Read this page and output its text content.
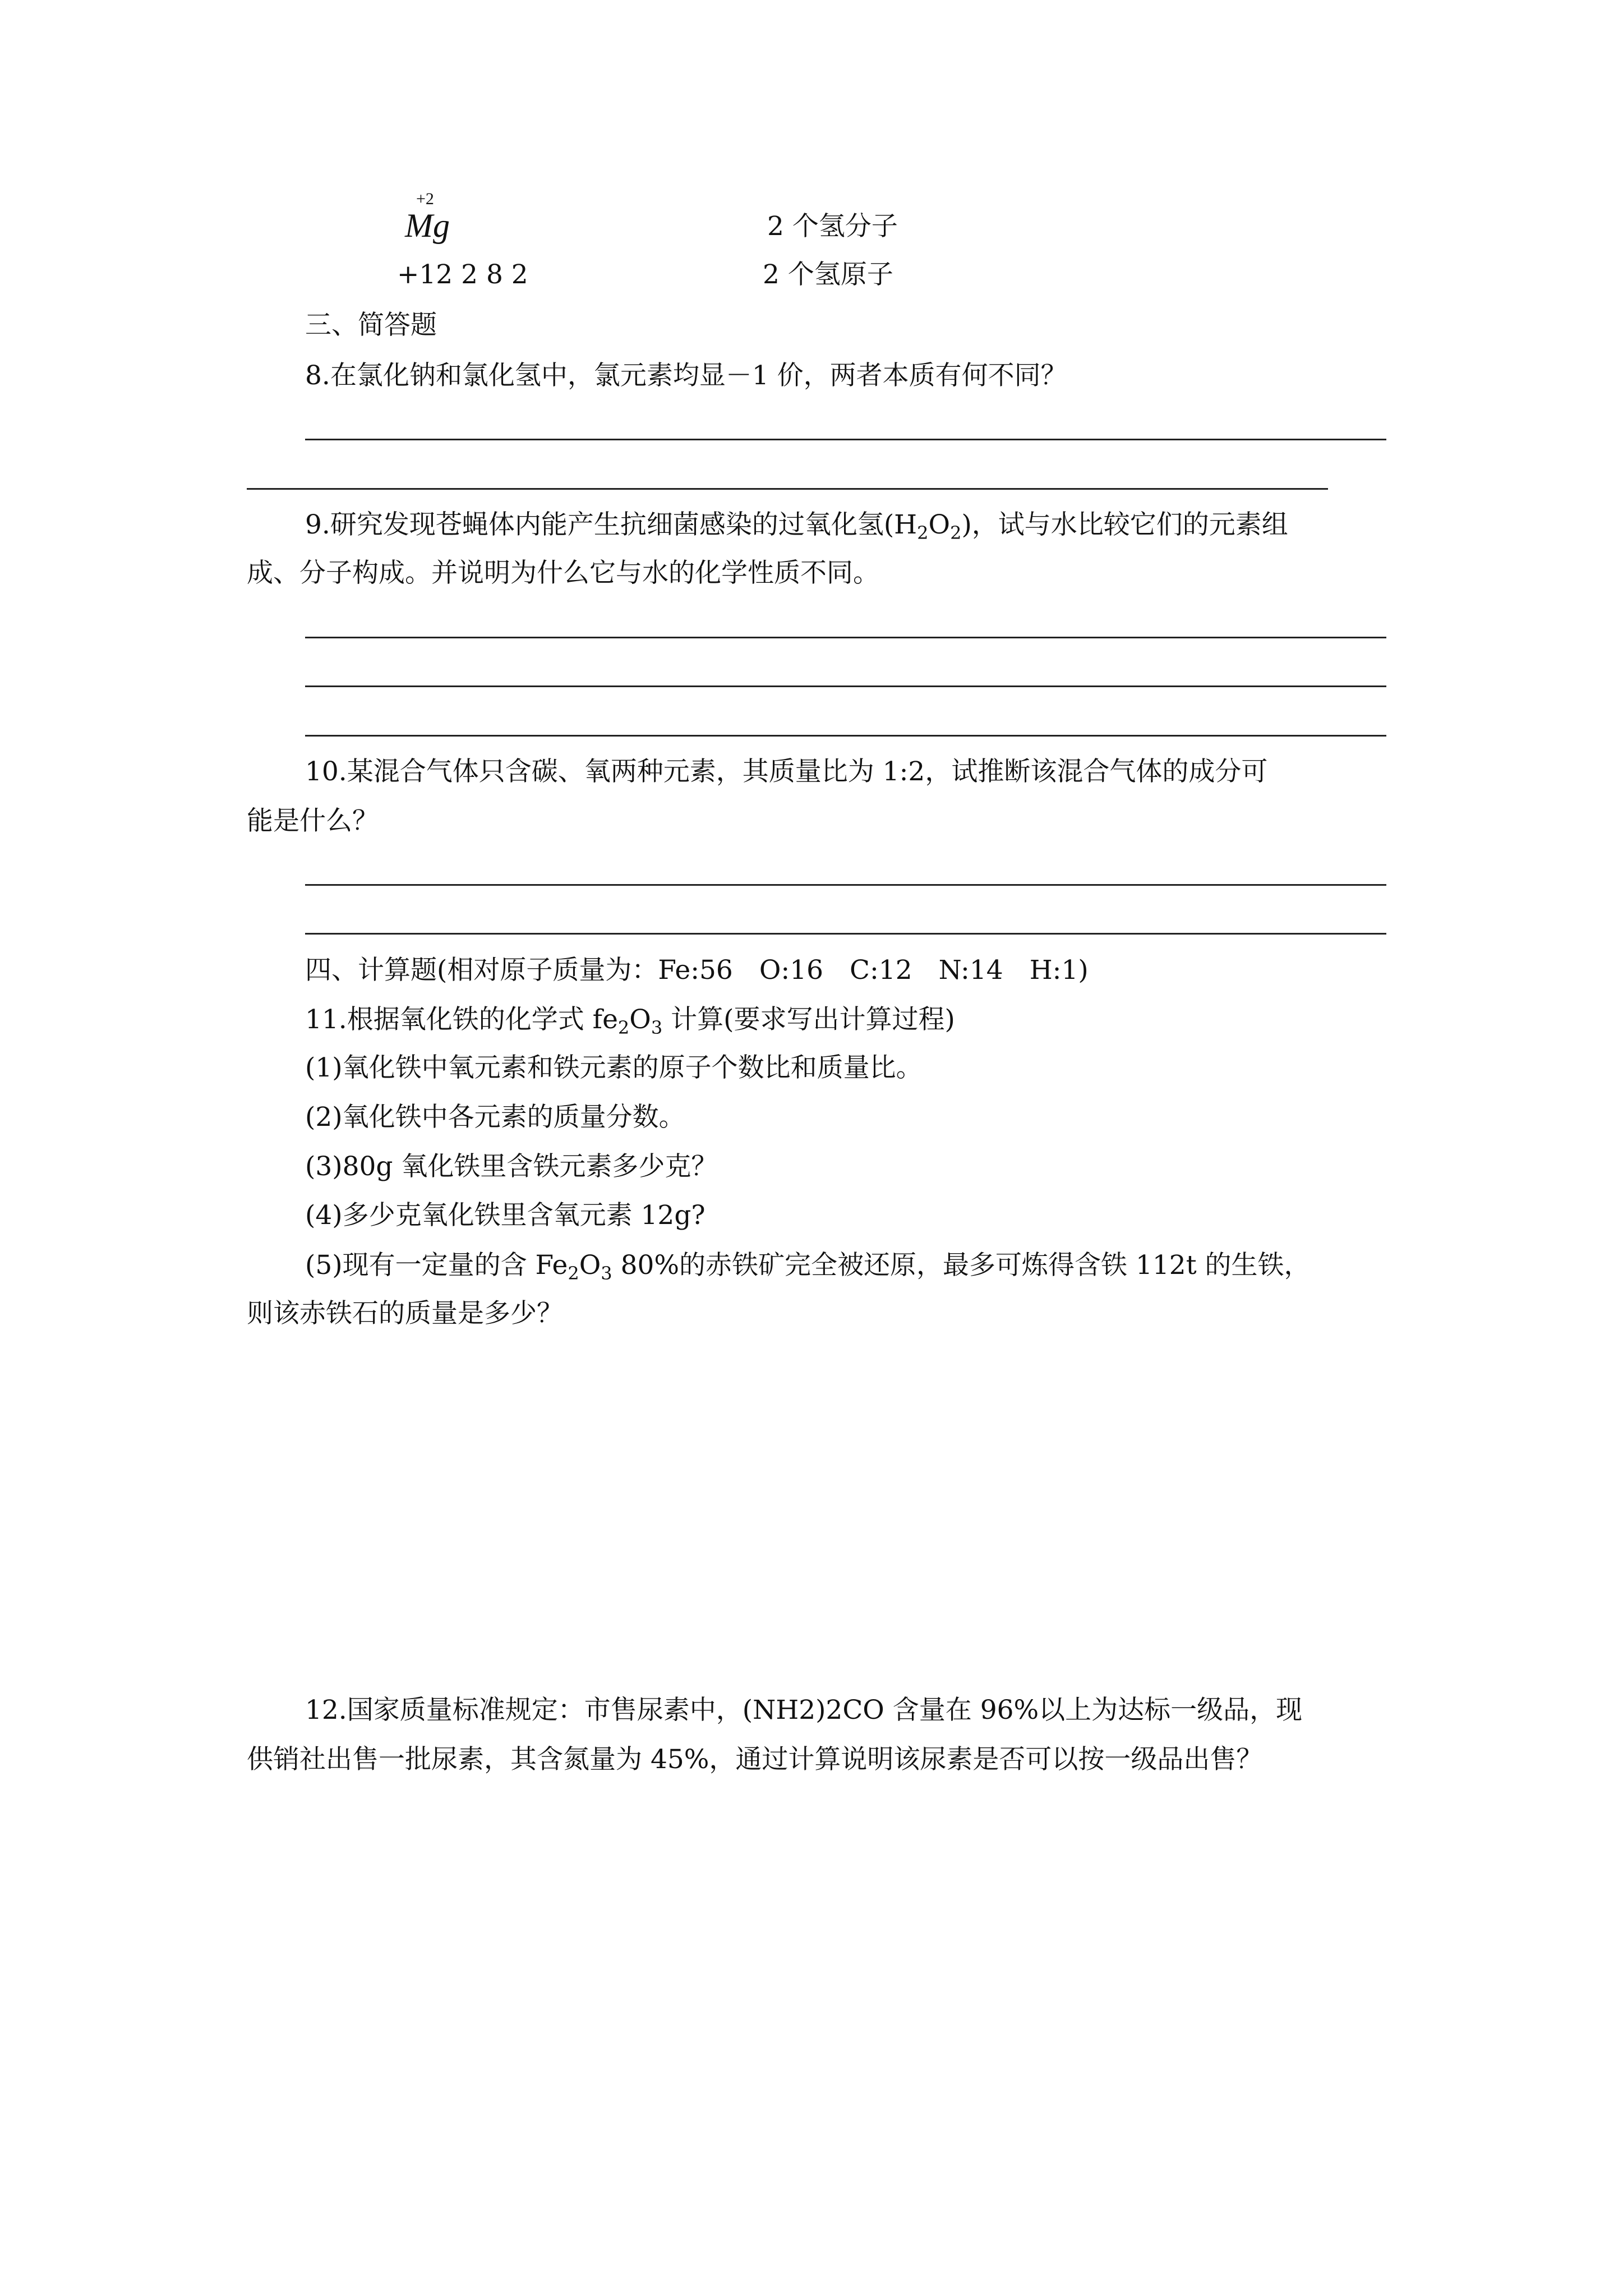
+2
Mg	2 个氢分子
+12 2 8 2	2 个氢原子
三、简答题
8.在氯化钠和氯化氢中，氯元素均显－1 价，两者本质有何不同？
9.研究发现苍蝇体内能产生抗细菌感染的过氧化氢$(H_2O_2)$，试与水比较它们的元素组
成、分子构成。并说明为什么它与水的化学性质不同。
10.某混合气体只含碳、氧两种元素，其质量比为 1:2，试推断该混合气体的成分可
能是什么？
四、计算题(相对原子质量为：Fe:56　O:16　C:12　N:14　H:1)
11.根据氧化铁的化学式 $fe_2O_3$ 计算(要求写出计算过程)
(1)氧化铁中氧元素和铁元素的原子个数比和质量比。
(2)氧化铁中各元素的质量分数。
(3)80g 氧化铁里含铁元素多少克？
(4)多少克氧化铁里含氧元素 12g?
(5)现有一定量的含 $Fe_2O_3$ 80%的赤铁矿完全被还原，最多可炼得含铁 112t 的生铁，
则该赤铁石的质量是多少？
12.国家质量标准规定：市售尿素中，(NH2)2CO 含量在 96%以上为达标一级品，现
供销社出售一批尿素，其含氮量为 45%，通过计算说明该尿素是否可以按一级品出售？
